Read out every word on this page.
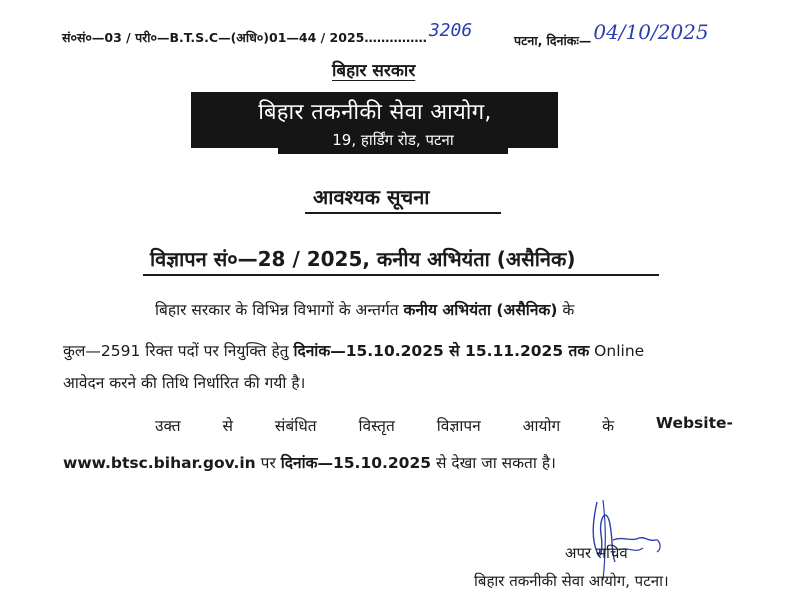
सं०सं०—03 / परी०—B.T.S.C—(अधि०)01—44 / 2025…………… 3206	पटना, दिनांकः— 04/10/2025
बिहार सरकार
बिहार तकनीकी सेवा आयोग,
19, हार्डिंग रोड, पटना
आवश्यक सूचना
विज्ञापन सं०—28 / 2025, कनीय अभियंता (असैनिक)
बिहार सरकार के विभिन्न विभागों के अन्तर्गत कनीय अभियंता (असैनिक) के
कुल—2591 रिक्त पदों पर नियुक्ति हेतु दिनांक—15.10.2025 से 15.11.2025 तक Online
आवेदन करने की तिथि निर्धारित की गयी है।
उक्त	से	संबंधित	विस्तृत	विज्ञापन	आयोग	के	Website-
www.btsc.bihar.gov.in पर दिनांक—15.10.2025 से देखा जा सकता है।
अपर सचिव
बिहार तकनीकी सेवा आयोग, पटना।
